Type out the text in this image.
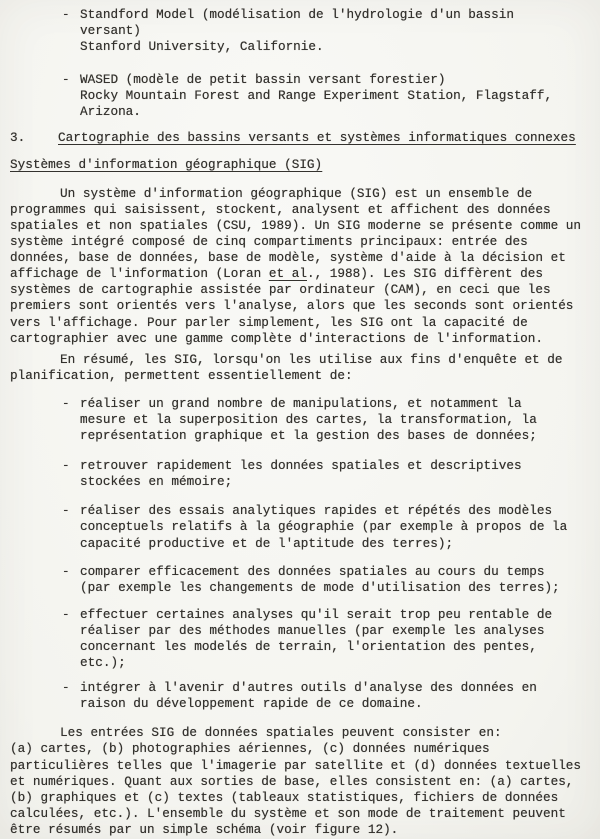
- Standford Model (modélisation de l'hydrologie d'un bassin
versant)
Stanford University, Californie.
- WASED (modèle de petit bassin versant forestier)
Rocky Mountain Forest and Range Experiment Station, Flagstaff,
Arizona.
3.	Cartographie des bassins versants et systèmes informatiques connexes
Systèmes d'information géographique (SIG)
Un système d'information géographique (SIG) est un ensemble de
programmes qui saisissent, stockent, analysent et affichent des données
spatiales et non spatiales (CSU, 1989). Un SIG moderne se présente comme un
système intégré composé de cinq compartiments principaux: entrée des
données, base de données, base de modèle, système d'aide à la décision et
affichage de l'information (Loran et al., 1988). Les SIG diffèrent des
systèmes de cartographie assistée par ordinateur (CAM), en ceci que les
premiers sont orientés vers l'analyse, alors que les seconds sont orientés
vers l'affichage. Pour parler simplement, les SIG ont la capacité de
cartographier avec une gamme complète d'interactions de l'information.
En résumé, les SIG, lorsqu'on les utilise aux fins d'enquête et de
planification, permettent essentiellement de:
- réaliser un grand nombre de manipulations, et notamment la
mesure et la superposition des cartes, la transformation, la
représentation graphique et la gestion des bases de données;
- retrouver rapidement les données spatiales et descriptives
stockées en mémoire;
- réaliser des essais analytiques rapides et répétés des modèles
conceptuels relatifs à la géographie (par exemple à propos de la
capacité productive et de l'aptitude des terres);
- comparer efficacement des données spatiales au cours du temps
(par exemple les changements de mode d'utilisation des terres);
- effectuer certaines analyses qu'il serait trop peu rentable de
réaliser par des méthodes manuelles (par exemple les analyses
concernant les modelés de terrain, l'orientation des pentes,
etc.);
- intégrer à l'avenir d'autres outils d'analyse des données en
raison du développement rapide de ce domaine.
Les entrées SIG de données spatiales peuvent consister en:
(a) cartes, (b) photographies aériennes, (c) données numériques
particulières telles que l'imagerie par satellite et (d) données textuelles
et numériques. Quant aux sorties de base, elles consistent en: (a) cartes,
(b) graphiques et (c) textes (tableaux statistiques, fichiers de données
calculées, etc.). L'ensemble du système et son mode de traitement peuvent
être résumés par un simple schéma (voir figure 12).
